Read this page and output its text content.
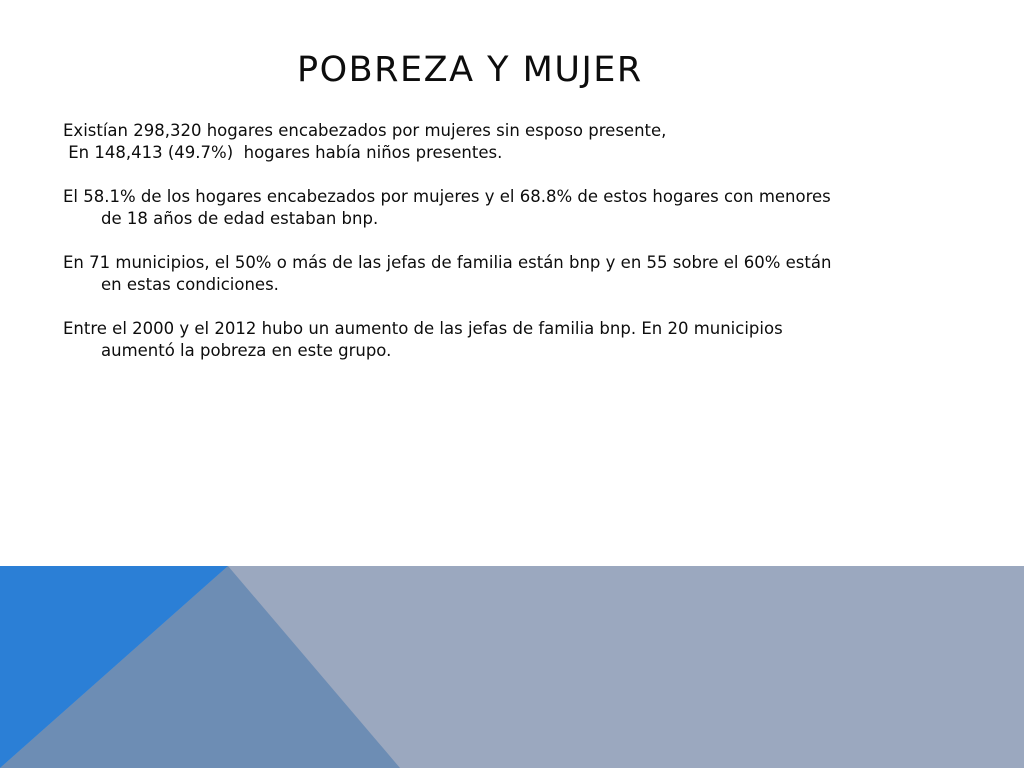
POBREZA Y MUJER

Existían 298,320 hogares encabezados por mujeres sin esposo presente,

En 148,413 (49.7%)  hogares había niños presentes.

El 58.1% de los hogares encabezados por mujeres y el 68.8% de estos hogares con menores de 18 años de edad estaban bnp.

En 71 municipios, el 50% o más de las jefas de familia están bnp y en 55 sobre el 60% están en estas condiciones.

Entre el 2000 y el 2012 hubo un aumento de las jefas de familia bnp. En 20 municipios aumentó la pobreza en este grupo.
